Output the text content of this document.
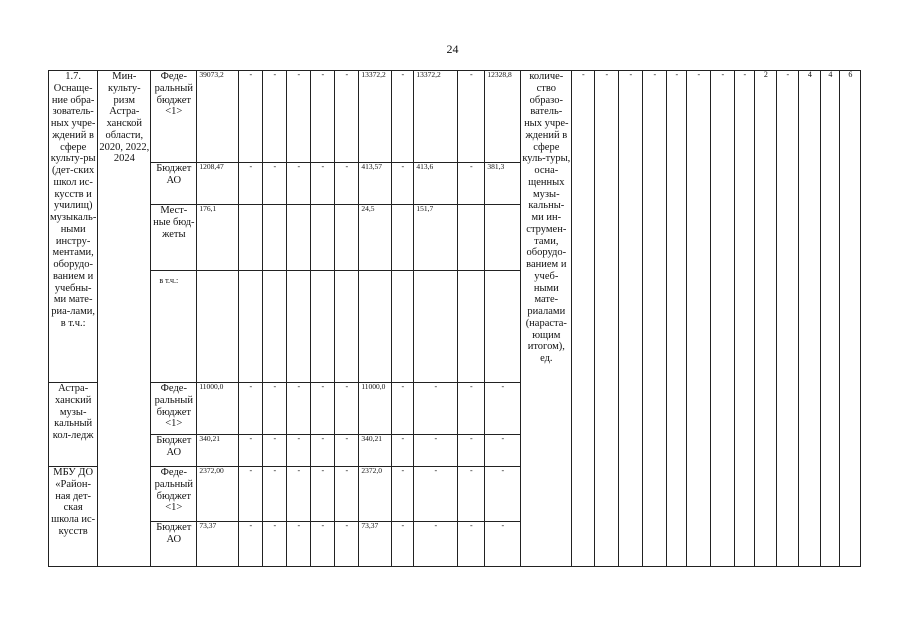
24
1.7. Оснаще-ние обра-зователь-ных учре-ждений в сфере культу-ры (дет-ских школ ис-кусств и училищ) музыкаль-ными инстру-ментами, оборудо-ванием и учебны-ми мате-риа-лами, в т.ч.:	Мин-культу-ризм Астра-ханской области, 2020, 2022, 2024	Феде-ральный бюджет <1>	39073,2	-	-	-	-	-	13372,2	-	13372,2	-	12328,8	количе-ство образо-ватель-ных учре-ждений в сфере куль-туры, осна-щенных музы-кальны-ми ин-струмен-тами, оборудо-ванием и учеб-ными мате-риалами (нараста-ющим итогом), ед.	-	-	-	-	-	-	-	-	2	-	4	4	6
		Бюджет АО	1208,47	-	-	-	-	-	413,57	-	413,6	-	381,3														
		Мест-ные бюд-жеты	176,1						24,5		151,7																
		в т.ч.:																									
Астра-ханский музы-кальный кол-ледж		Феде-ральный бюджет <1>	11000,0	-	-	-	-	-	11000,0	-	-	-	-														
		Бюджет АО	340,21	-	-	-	-	-	340,21	-	-	-	-														
МБУ ДО «Район-ная дет-ская школа ис-кусств		Феде-ральный бюджет <1>	2372,00	-	-	-	-	-	2372,0	-	-	-	-														
		Бюджет АО	73,37	-	-	-	-	-	73,37	-	-	-	-														
